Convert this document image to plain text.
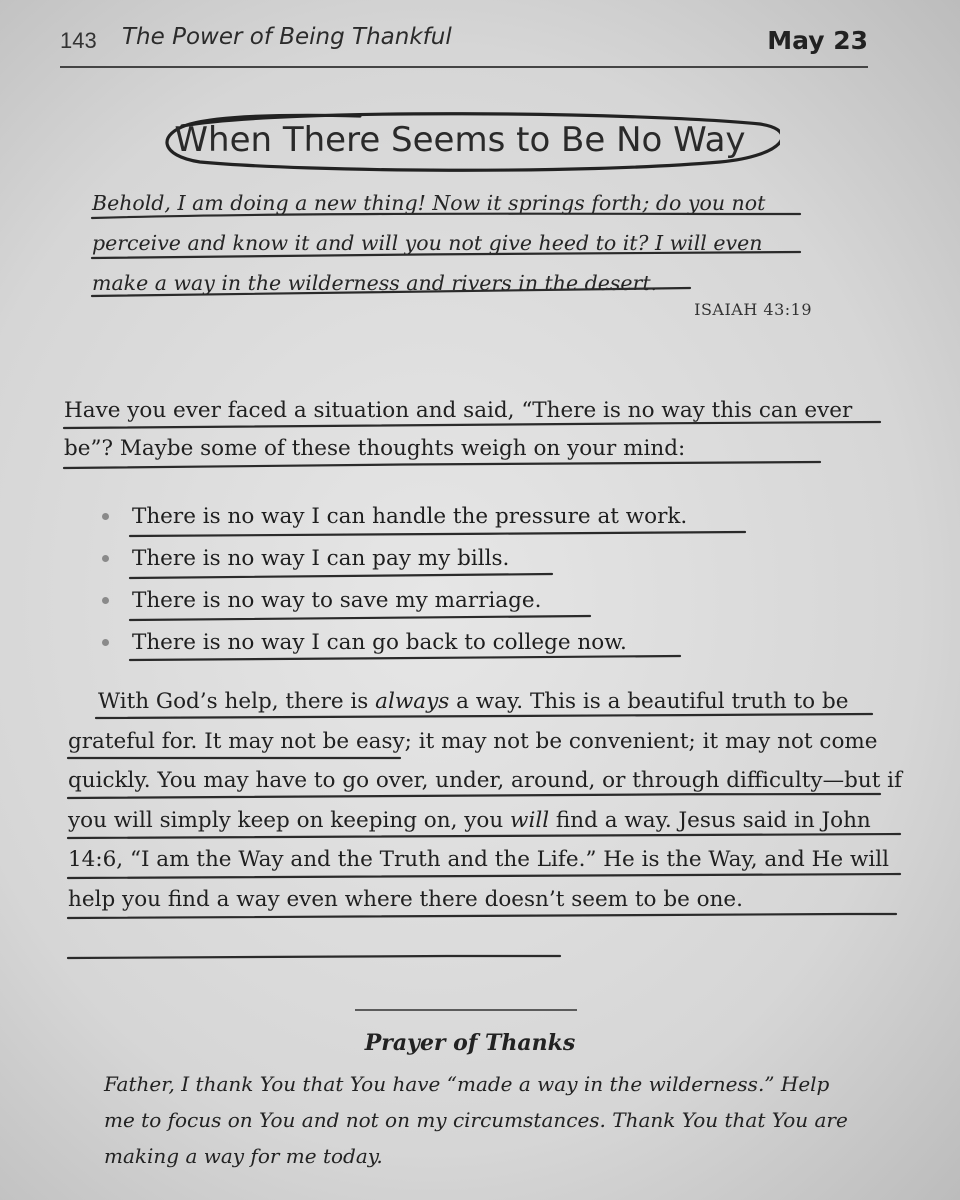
143 The Power of Being Thankful	May 23
When There Seems to Be No Way
Behold, I am doing a new thing! Now it springs forth; do you not perceive and know it and will you not give heed to it? I will even make a way in the wilderness and rivers in the desert.
ISAIAH 43:19
Have you ever faced a situation and said, “There is no way this can ever be”? Maybe some of these thoughts weigh on your mind:
There is no way I can handle the pressure at work.
There is no way I can pay my bills.
There is no way to save my marriage.
There is no way I can go back to college now.
With God’s help, there is always a way. This is a beautiful truth to be grateful for. It may not be easy; it may not be convenient; it may not come quickly. You may have to go over, under, around, or through difficulty—but if you will simply keep on keeping on, you will find a way. Jesus said in John 14:6, “I am the Way and the Truth and the Life.” He is the Way, and He will help you find a way even where there doesn’t seem to be one.
Prayer of Thanks
Father, I thank You that You have “made a way in the wilderness.” Help me to focus on You and not on my circumstances. Thank You that You are making a way for me today.
